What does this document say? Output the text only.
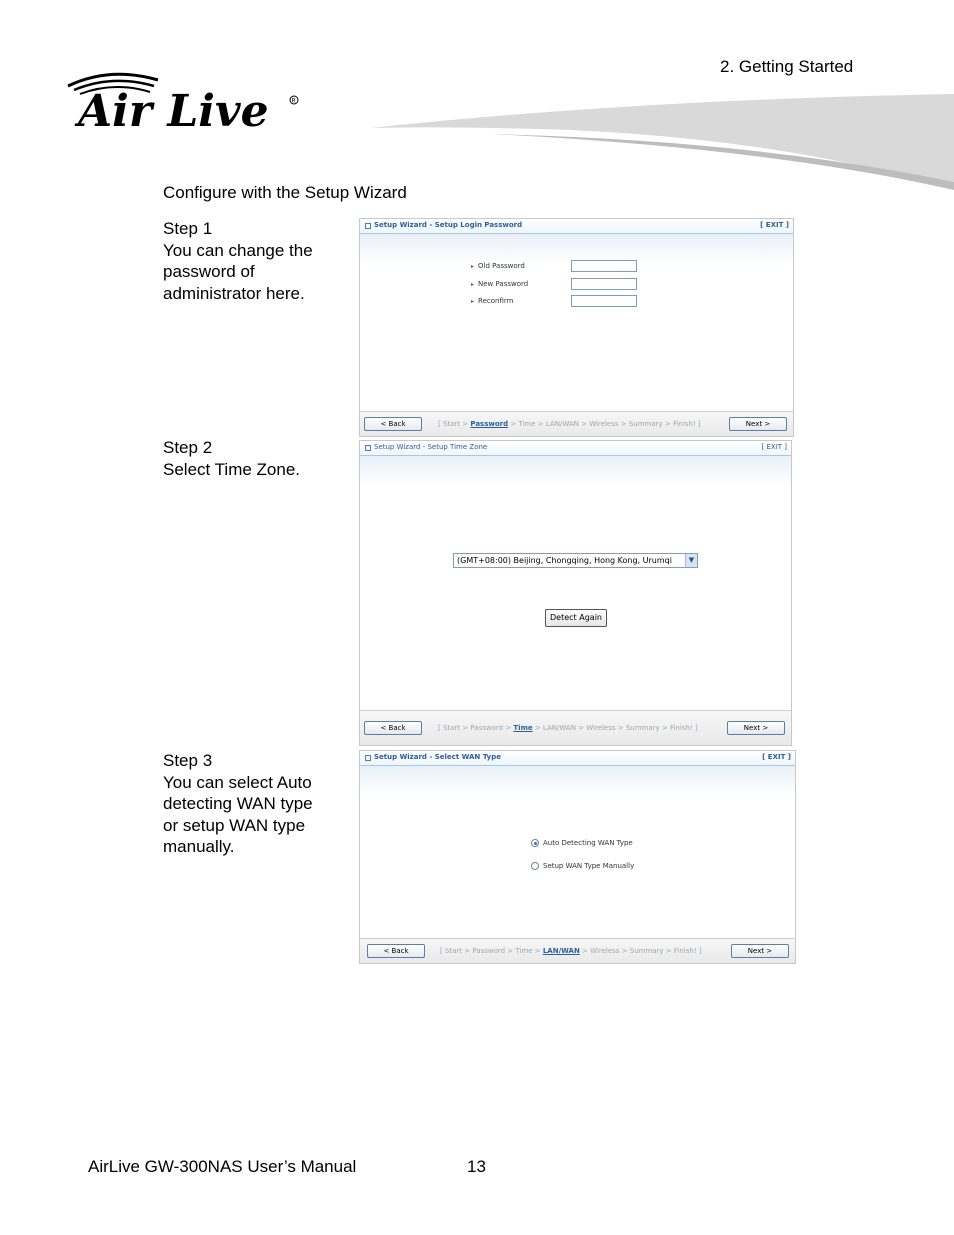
2. Getting Started
Air Live	R
Configure with the Setup Wizard
Step 1
You can change the
password of
administrator here.
Step 2
Select Time Zone.
Step 3
You can select Auto
detecting WAN type
or setup WAN type
manually.
Setup Wizard - Setup Login Password	[ EXIT ]
▸ Old Password
▸ New Password
▸ Reconfirm
< Back	[ Start > Password > Time > LAN/WAN > Wireless > Summary > Finish! ]	Next >
Setup Wizard - Setup Time Zone	[ EXIT ]
(GMT+08:00) Beijing, Chongqing, Hong Kong, Urumqi	▼
Detect Again
< Back	[ Start > Password > Time > LAN/WAN > Wireless > Summary > Finish! ]	Next >
Setup Wizard - Select WAN Type	[ EXIT ]
Auto Detecting WAN Type
Setup WAN Type Manually
< Back	[ Start > Password > Time > LAN/WAN > Wireless > Summary > Finish! ]	Next >
AirLive GW-300NAS User’s Manual	13
